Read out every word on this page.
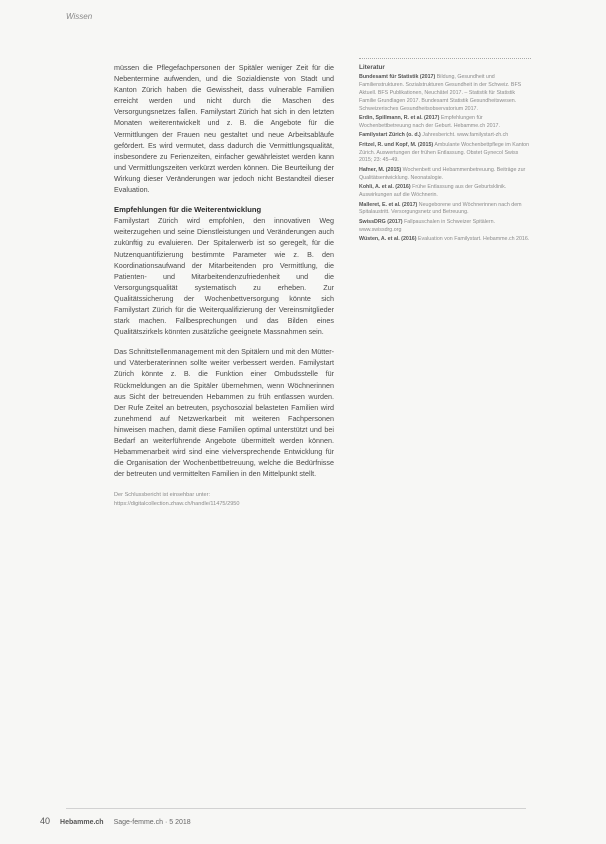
Wissen

müssen die Pflegefachpersonen der Spitäler weniger Zeit für die Nebentermine aufwenden, und die Sozialdienste von Stadt und Kanton Zürich haben die Gewissheit, dass vulnerable Familien erreicht werden und nicht durch die Maschen des Versorgungsnetzes fallen. Familystart Zürich hat sich in den letzten Monaten weiterentwickelt und z. B. die Angebote für die Vermittlungen der Frauen neu gestaltet und neue Arbeitsabläufe gefördert. Es wird vermutet, dass dadurch die Vermittlungsqualität, insbesondere zu Ferienzeiten, einfacher gewährleistet werden kann und Vermittlungszeiten verkürzt werden können. Die Beurteilung der Wirkung dieser Veränderungen war jedoch nicht Bestandteil dieser Evaluation.

Empfehlungen für die Weiterentwicklung

Familystart Zürich wird empfohlen, den innovativen Weg weiterzugehen und seine Dienstleistungen und Veränderungen auch zukünftig zu evaluieren. Der Spitalerwerb ist so geregelt, für die Nutzenquantifizierung bestimmte Parameter wie z. B. den Koordinationsaufwand der Mitarbeitenden pro Vermittlung, die Patienten- und Mitarbeitendenzufriedenheit und die Versorgungsqualität systematisch zu erheben. Zur Qualitätssicherung der Wochenbettversorgung könnte sich Familystart Zürich für die Weiterqualifizierung der Vereinsmitglieder stark machen. Fallbesprechungen und das Bilden eines Qualitätszirkels könnten zusätzliche geeignete Massnahmen sein.

Das Schnittstellenmanagement mit den Spitälern und mit den Mütter- und Väterberaterinnen sollte weiter verbessert werden. Familystart Zürich könnte z. B. die Funktion einer Ombudsstelle für Rückmeldungen an die Spitäler übernehmen, wenn Wöchnerinnen aus Sicht der betreuenden Hebammen zu früh entlassen wurden. Der Rufe Zeitel an betreuten, psychosozial belasteten Familien wird zunehmend auf Netzwerkarbeit mit weiteren Fachpersonen hinweisen machen, damit diese Familien optimal unterstützt und bei Bedarf an weiterführende Angebote übermittelt werden können. Hebammenarbeit wird sind eine vielversprechende Entwicklung für die Organisation der Wochenbettbetreuung, welche die Bedürfnisse der betreuten und vermittelten Familien in den Mittelpunkt stellt.

Der Schlussbericht ist einsehbar unter:
https://digitalcollection.zhaw.ch/handle/11475/2950
Literatur
Bundesamt für Statistik (2017) Bildung, Gesundheit und Familienstrukturen. Sozialstrukturen Gesundheit in der Schweiz. BFS Aktuell. BFS Publikationen, Neuchâtel 2017. – Statistik für Statistik Familie Grundlagen 2017. Bundesamt Statistik Gesundheitswesen. Schweizerisches Gesundheitsobservatorium 2017.
Erdin, Spillmann, R. et al. (2017) Empfehlungen für Wochenbettbetreuung nach der Geburt. Hebamme.ch 2017.
Familystart Zürich (o. d.) Jahresbericht. www.familystart-zh.ch
Fritzel, R. und Kopf, M. (2015) Ambulante Wochenbettpflege im Kanton Zürich. Auswertungen der frühen Entlassung. Obstet Gynecol Swiss 2015; 23: 45–49.
Hafner, M. (2015) Wochenbett und Hebammenbetreuung. Beiträge zur Qualitätsentwicklung. Neonatalogie.
Kohli, A. et al. (2016) Frühe Entlassung aus der Geburtsklinik. Auswirkungen auf die Wöchnerin.
Malleret, E. et al. (2017) Neugeborene und Wöchnerinnen nach dem Spitalaustritt. Versorgungsnetz und Betreuung.
SwissDRG (2017) Fallpauschalen in Schweizer Spitälern. www.swissdrg.org
Wüsten, A. et al. (2016) Evaluation von Familystart. Hebamme.ch 2016.
40 Hebamme.ch Sage-femme.ch · 5 2018
